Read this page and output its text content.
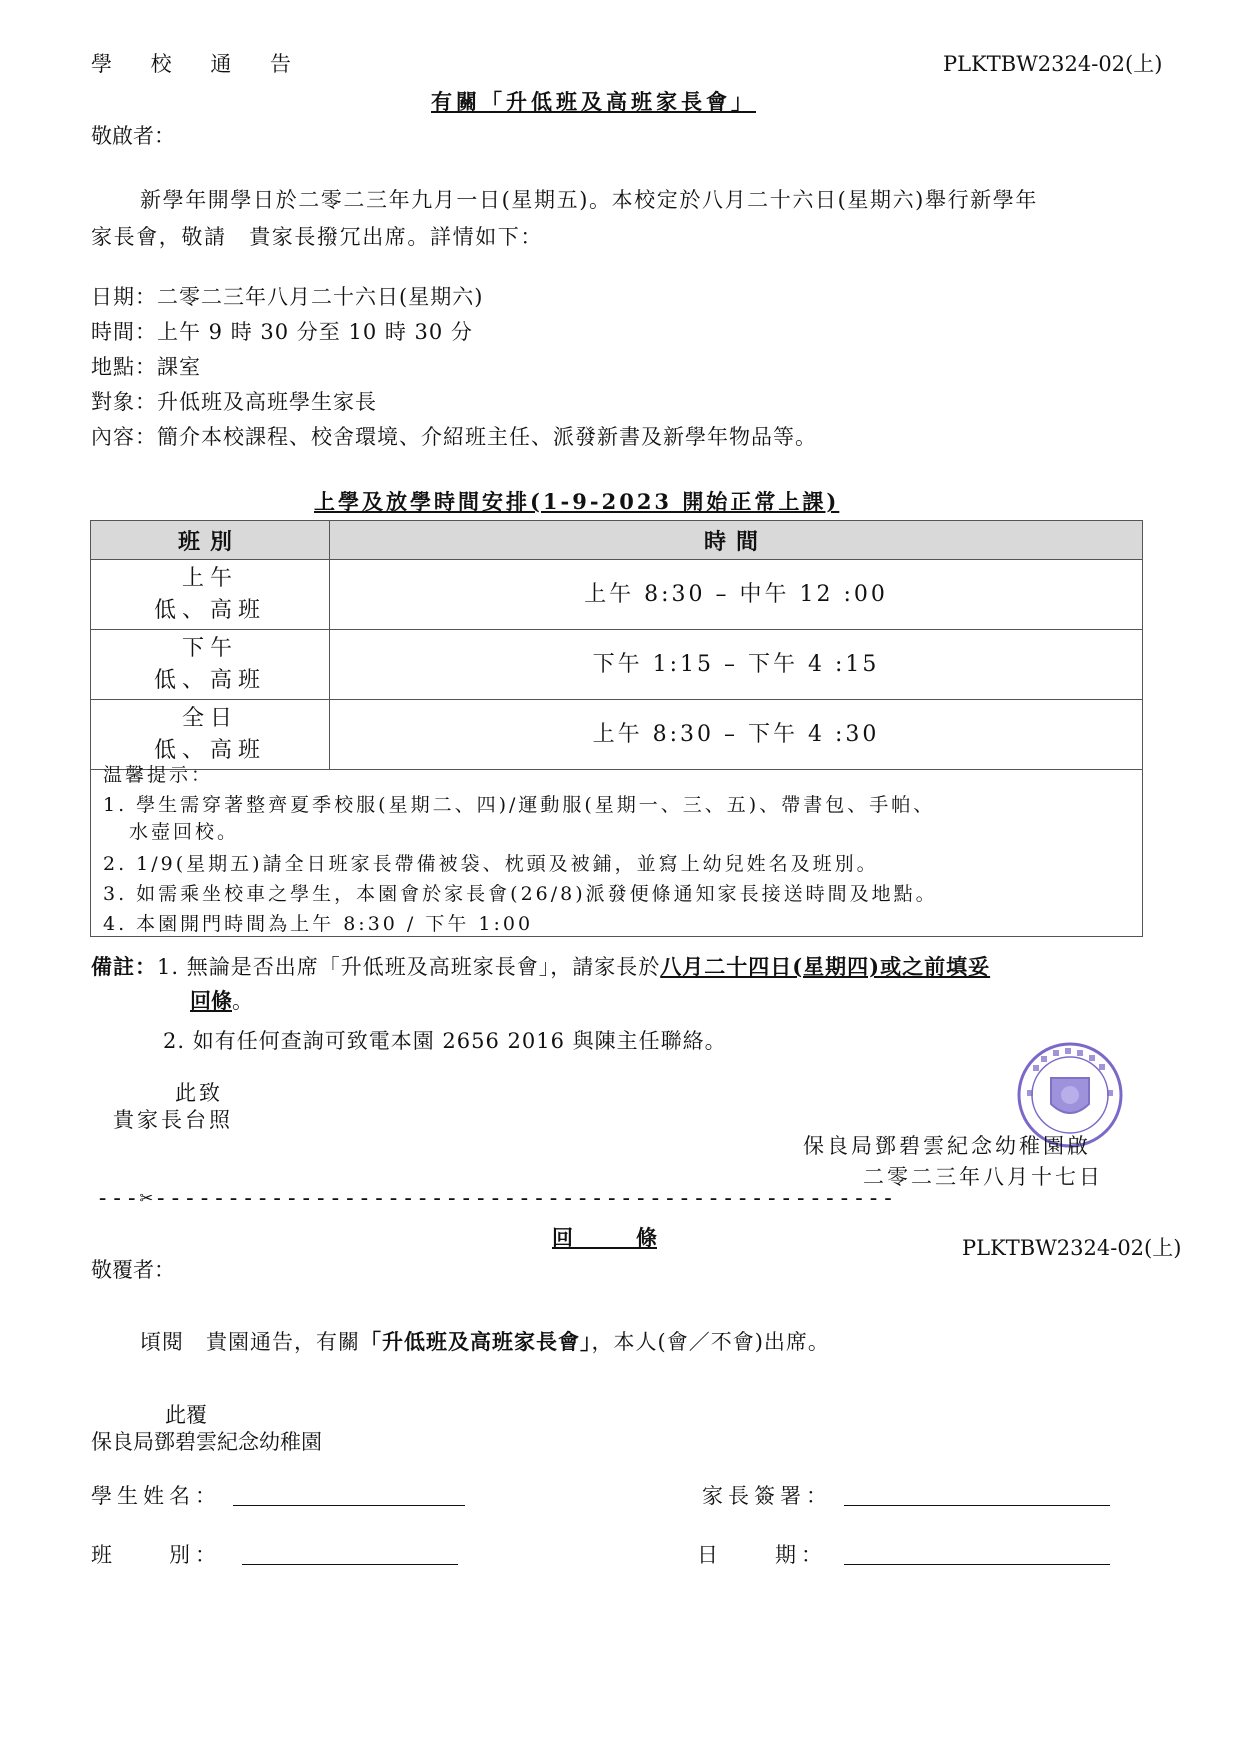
學 校 通 告	PLKTBW2324-02(上)
有關「升低班及高班家長會」
敬啟者：
新學年開學日於二零二三年九月一日(星期五)。本校定於八月二十六日(星期六)舉行新學年
家長會，敬請　貴家長撥冗出席。詳情如下：
日期：二零二三年八月二十六日(星期六)
時間：上午 9 時 30 分至 10 時 30 分
地點：課室
對象：升低班及高班學生家長
內容：簡介本校課程、校舍環境、介紹班主任、派發新書及新學年物品等。
上學及放學時間安排(1-9-2023 開始正常上課)
班別	時間
上午
低、高班	上午 8:30 – 中午 12 :00
下午
低、高班	下午 1:15 – 下午 4 :15
全日
低、高班	上午 8:30 – 下午 4 :30
温馨提示：
1. 學生需穿著整齊夏季校服(星期二、四)/運動服(星期一、三、五)、帶書包、手帕、
水壺回校。
2. 1/9(星期五)請全日班家長帶備被袋、枕頭及被鋪，並寫上幼兒姓名及班別。
3. 如需乘坐校車之學生，本園會於家長會(26/8)派發便條通知家長接送時間及地點。
4. 本園開門時間為上午 8:30 / 下午 1:00
備註：1. 無論是否出席「升低班及高班家長會」，請家長於八月二十四日(星期四)或之前填妥
回條。
2. 如有任何查詢可致電本園 2656 2016 與陳主任聯絡。
此致
貴家長台照
保良局鄧碧雲紀念幼稚園啟
二零二三年八月十七日
---✂---------------------------------------------------
回　　　條	PLKTBW2324-02(上)
敬覆者：
頃閱　貴園通告，有關「升低班及高班家長會」，本人(會／不會)出席。
此覆
保良局鄧碧雲紀念幼稚園
學生姓名：	家長簽署：
班　　別：	日　　期：
